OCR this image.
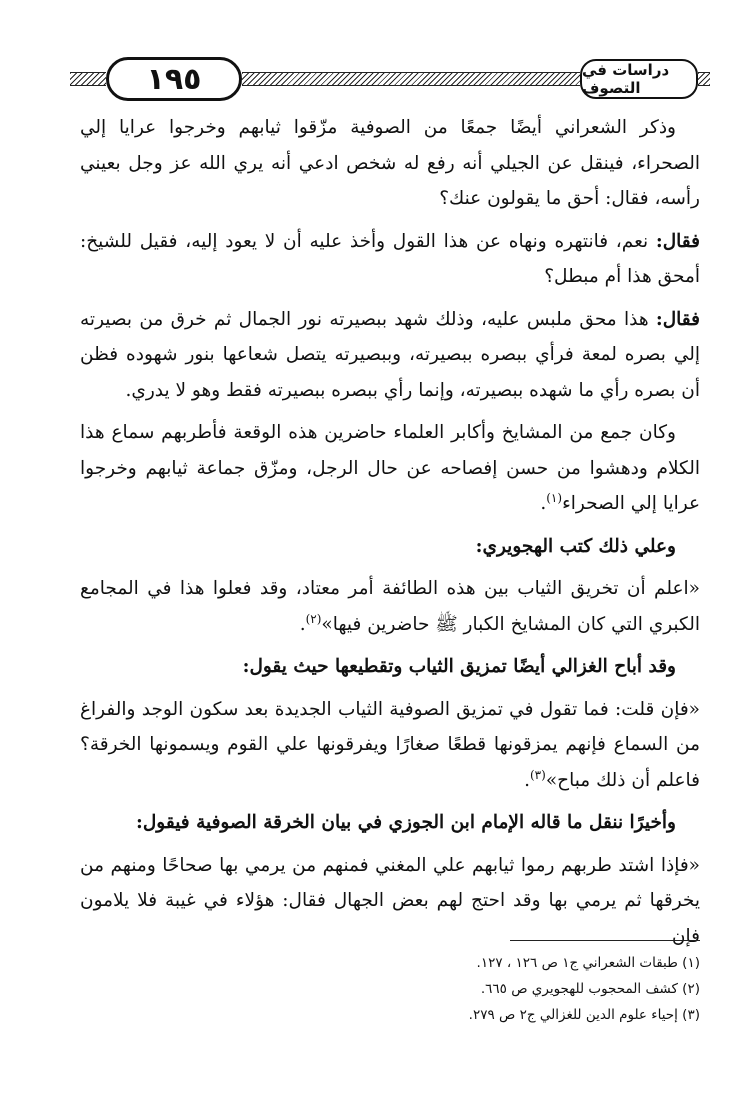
١٩٥	دراسات في التصوف

وذكر الشعراني أيضًا جمعًا من الصوفية مزّقوا ثيابهم وخرجوا عرايا إلي الصحراء، فينقل عن الجيلي أنه رفع له شخص ادعي أنه يري الله عز وجل بعيني رأسه، فقال: أحق ما يقولون عنك؟

فقال: نعم، فانتهره ونهاه عن هذا القول وأخذ عليه أن لا يعود إليه، فقيل للشيخ: أمحق هذا أم مبطل؟

فقال: هذا محق ملبس عليه، وذلك شهد ببصيرته نور الجمال ثم خرق من بصيرته إلي بصره لمعة فرأي ببصره ببصيرته، وببصيرته يتصل شعاعها بنور شهوده فظن أن بصره رأي ما شهده ببصيرته، وإنما رأي ببصره ببصيرته فقط وهو لا يدري.

وكان جمع من المشايخ وأكابر العلماء حاضرين هذه الوقعة فأطربهم سماع هذا الكلام ودهشوا من حسن إفصاحه عن حال الرجل، ومزّق جماعة ثيابهم وخرجوا عرايا إلي الصحراء$^{(١)}$.

وعلي ذلك كتب الهجويري:

«اعلم أن تخريق الثياب بين هذه الطائفة أمر معتاد، وقد فعلوا هذا في المجامع الكبري التي كان المشايخ الكبار ﷺ حاضرين فيها»$^{(٢)}$.

وقد أباح الغزالي أيضًا تمزيق الثياب وتقطيعها حيث يقول:

«فإن قلت: فما تقول في تمزيق الصوفية الثياب الجديدة بعد سكون الوجد والفراغ من السماع فإنهم يمزقونها قطعًا صغارًا ويفرقونها علي القوم ويسمونها الخرقة؟ فاعلم أن ذلك مباح»$^{(٣)}$.

وأخيرًا ننقل ما قاله الإمام ابن الجوزي في بيان الخرقة الصوفية فيقول:

«فإذا اشتد طربهم رموا ثيابهم علي المغني فمنهم من يرمي بها صحاحًا ومنهم من يخرقها ثم يرمي بها وقد احتج لهم بعض الجهال فقال: هؤلاء في غيبة فلا يلامون فإن

(١) طبقات الشعراني ج١ ص ١٢٦ ، ١٢٧.
(٢) كشف المحجوب للهجويري ص ٦٦٥.
(٣) إحياء علوم الدين للغزالي ج٢ ص ٢٧٩.
